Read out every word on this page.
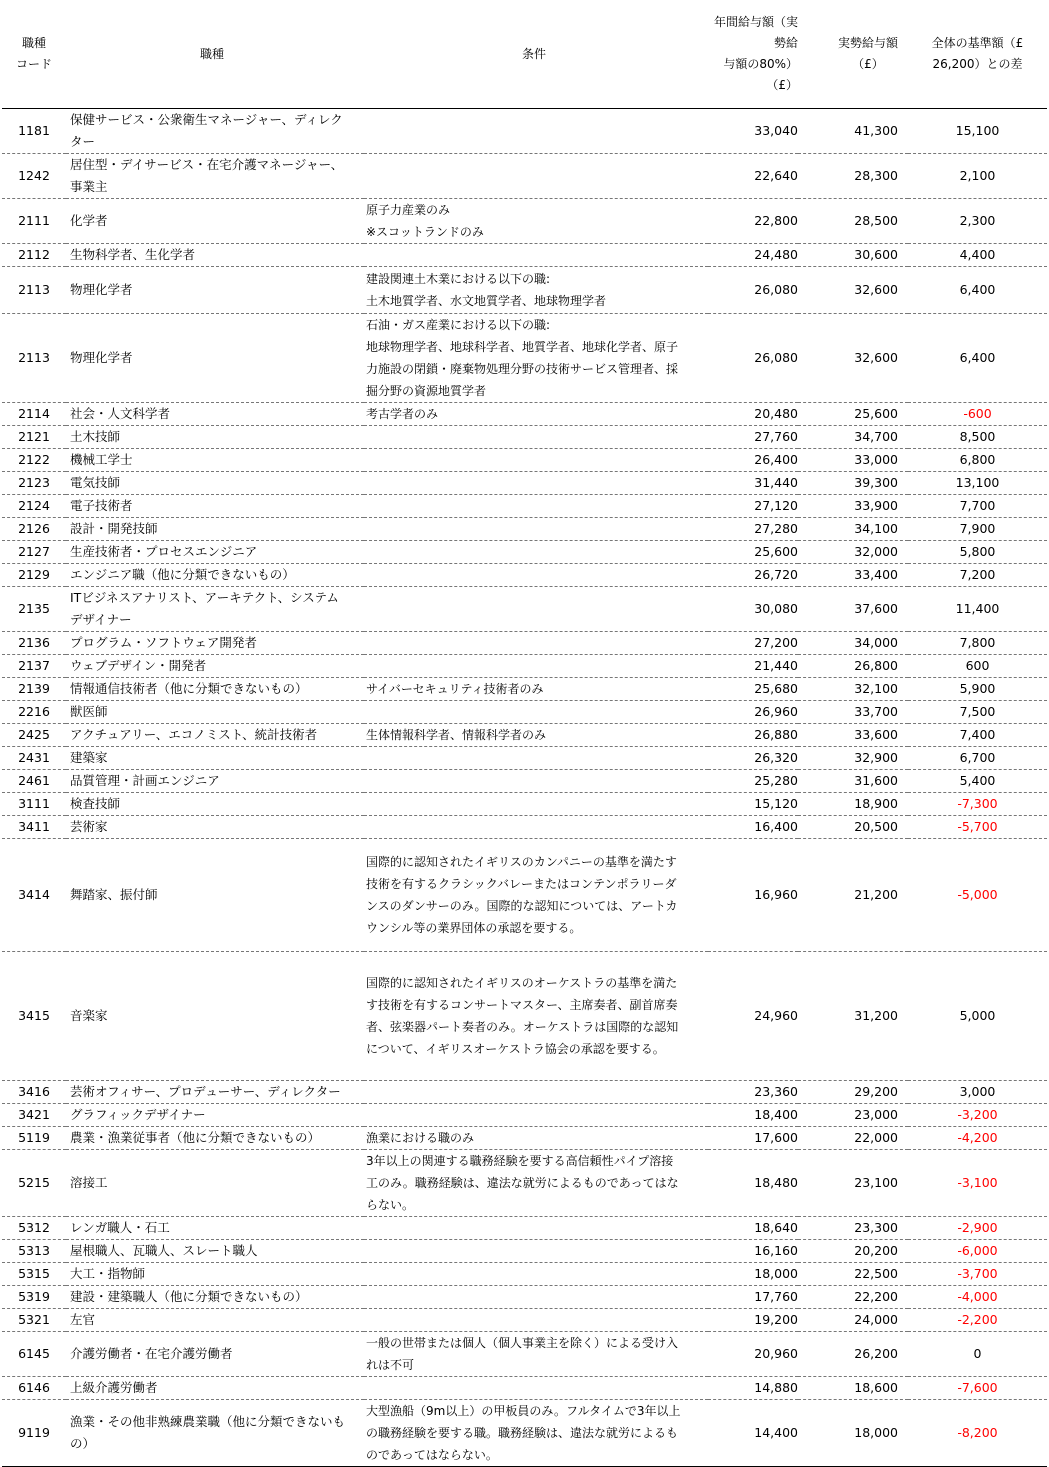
職種
コード	職種	条件	年間給与額（実勢給
与額の80%）（£）	実勢給与額
（£）	全体の基準額（£
26,200）との差
1181	保健サービス・公衆衛生マネージャー、ディレク
ター		33,040	41,300	15,100
1242	居住型・デイサービス・在宅介護マネージャー、
事業主		22,640	28,300	2,100
2111	化学者	原子力産業のみ
※スコットランドのみ	22,800	28,500	2,300
2112	生物科学者、生化学者		24,480	30,600	4,400
2113	物理化学者	建設関連土木業における以下の職:
土木地質学者、水文地質学者、地球物理学者	26,080	32,600	6,400
2113	物理化学者	石油・ガス産業における以下の職:
地球物理学者、地球科学者、地質学者、地球化学者、原子
力施設の閉鎖・廃棄物処理分野の技術サービス管理者、採
掘分野の資源地質学者	26,080	32,600	6,400
2114	社会・人文科学者	考古学者のみ	20,480	25,600	-600
2121	土木技師		27,760	34,700	8,500
2122	機械工学士		26,400	33,000	6,800
2123	電気技師		31,440	39,300	13,100
2124	電子技術者		27,120	33,900	7,700
2126	設計・開発技師		27,280	34,100	7,900
2127	生産技術者・プロセスエンジニア		25,600	32,000	5,800
2129	エンジニア職（他に分類できないもの）		26,720	33,400	7,200
2135	ITビジネスアナリスト、アーキテクト、システム
デザイナー		30,080	37,600	11,400
2136	プログラム・ソフトウェア開発者		27,200	34,000	7,800
2137	ウェブデザイン・開発者		21,440	26,800	600
2139	情報通信技術者（他に分類できないもの）	サイバーセキュリティ技術者のみ	25,680	32,100	5,900
2216	獣医師		26,960	33,700	7,500
2425	アクチュアリー、エコノミスト、統計技術者	生体情報科学者、情報科学者のみ	26,880	33,600	7,400
2431	建築家		26,320	32,900	6,700
2461	品質管理・計画エンジニア		25,280	31,600	5,400
3111	検査技師		15,120	18,900	-7,300
3411	芸術家		16,400	20,500	-5,700
3414	舞踏家、振付師	国際的に認知されたイギリスのカンパニーの基準を満たす
技術を有するクラシックバレーまたはコンテンポラリーダ
ンスのダンサーのみ。国際的な認知については、アートカ
ウンシル等の業界団体の承認を要する。	16,960	21,200	-5,000
3415	音楽家	国際的に認知されたイギリスのオーケストラの基準を満た
す技術を有するコンサートマスター、主席奏者、副首席奏
者、弦楽器パート奏者のみ。オーケストラは国際的な認知
について、イギリスオーケストラ協会の承認を要する。	24,960	31,200	5,000
3416	芸術オフィサー、プロデューサー、ディレクター		23,360	29,200	3,000
3421	グラフィックデザイナー		18,400	23,000	-3,200
5119	農業・漁業従事者（他に分類できないもの）	漁業における職のみ	17,600	22,000	-4,200
5215	溶接工	3年以上の関連する職務経験を要する高信頼性パイプ溶接
工のみ。職務経験は、違法な就労によるものであってはな
らない。	18,480	23,100	-3,100
5312	レンガ職人・石工		18,640	23,300	-2,900
5313	屋根職人、瓦職人、スレート職人		16,160	20,200	-6,000
5315	大工・指物師		18,000	22,500	-3,700
5319	建設・建築職人（他に分類できないもの）		17,760	22,200	-4,000
5321	左官		19,200	24,000	-2,200
6145	介護労働者・在宅介護労働者	一般の世帯または個人（個人事業主を除く）による受け入
れは不可	20,960	26,200	0
6146	上級介護労働者		14,880	18,600	-7,600
9119	漁業・その他非熟練農業職（他に分類できないも
の）	大型漁船（9m以上）の甲板員のみ。フルタイムで3年以上
の職務経験を要する職。職務経験は、違法な就労によるも
のであってはならない。	14,400	18,000	-8,200
